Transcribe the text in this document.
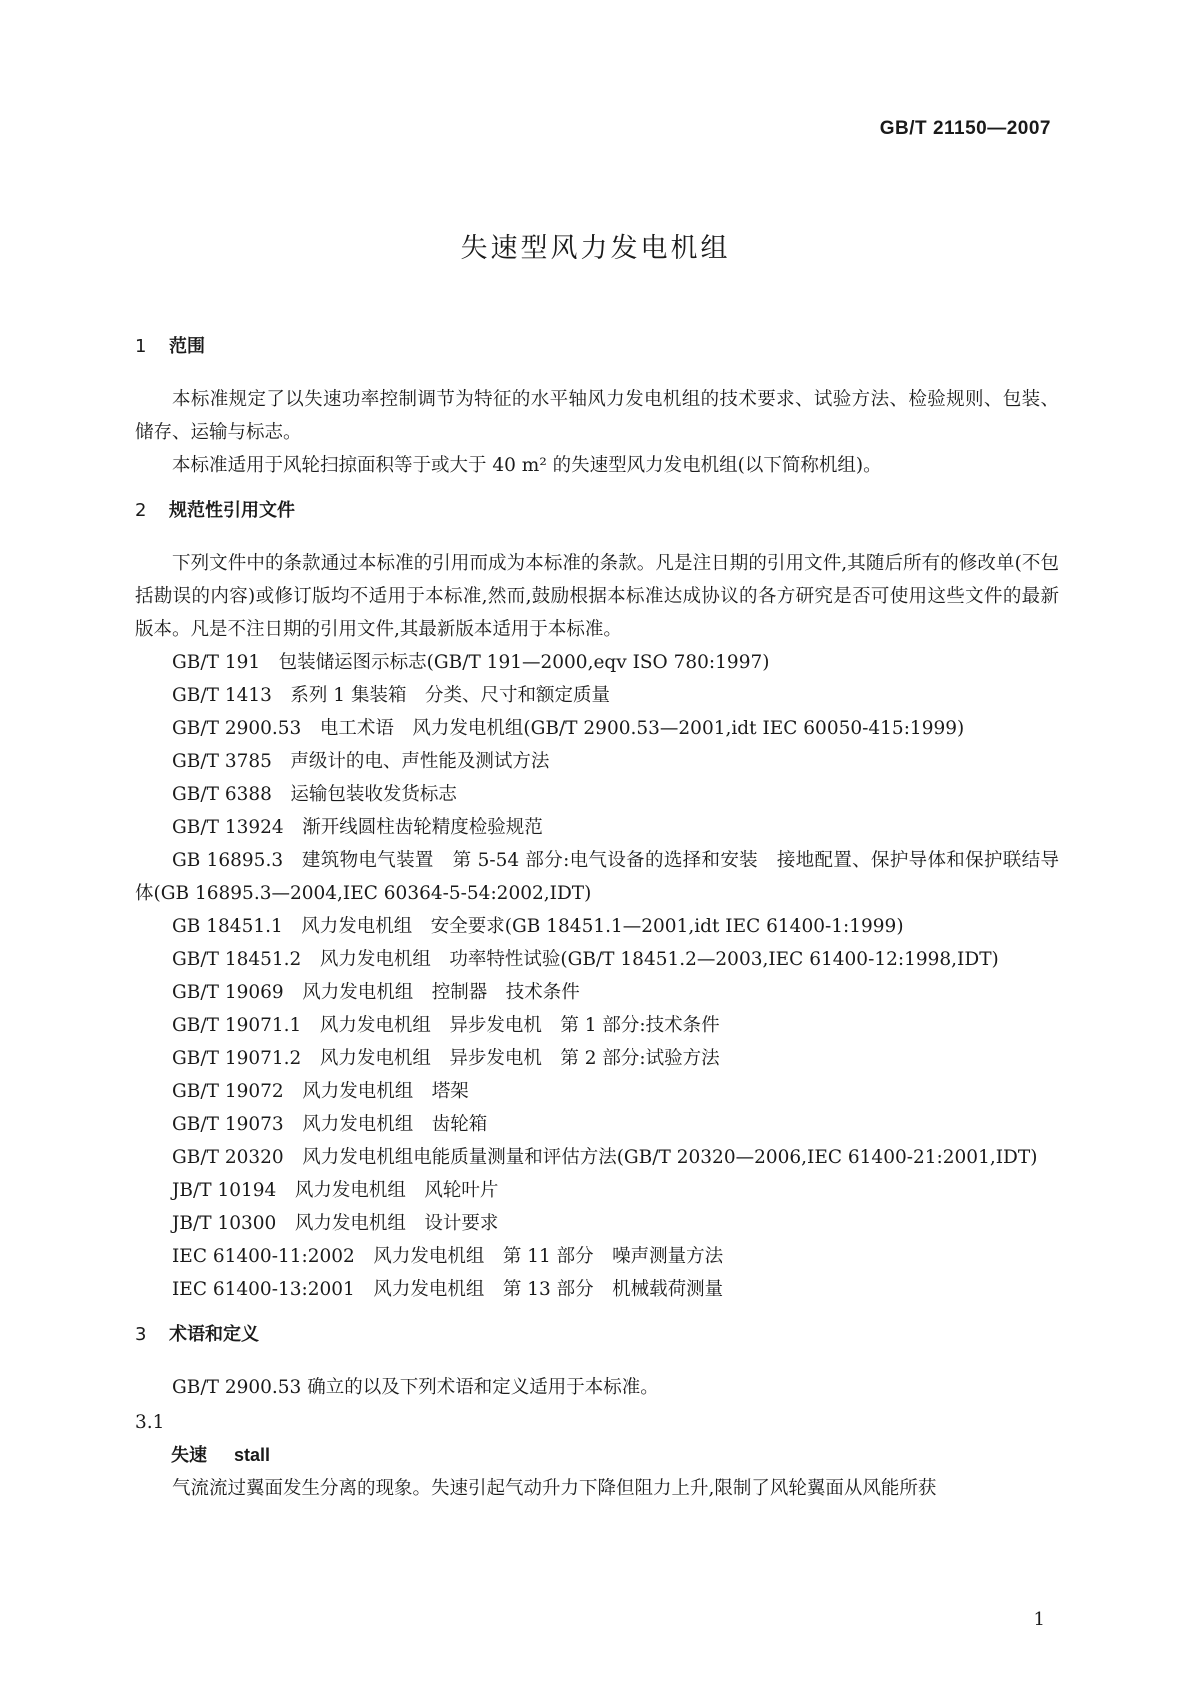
GB/T 21150—2007
失速型风力发电机组
1 范围

本标准规定了以失速功率控制调节为特征的水平轴风力发电机组的技术要求、试验方法、检验规则、包装、储存、运输与标志。

本标准适用于风轮扫掠面积等于或大于 40 m² 的失速型风力发电机组(以下简称机组)。

2 规范性引用文件

下列文件中的条款通过本标准的引用而成为本标准的条款。凡是注日期的引用文件,其随后所有的修改单(不包括勘误的内容)或修订版均不适用于本标准,然而,鼓励根据本标准达成协议的各方研究是否可使用这些文件的最新版本。凡是不注日期的引用文件,其最新版本适用于本标准。

GB/T 191 包装储运图示标志(GB/T 191—2000,eqv ISO 780:1997)

GB/T 1413 系列 1 集装箱 分类、尺寸和额定质量

GB/T 2900.53 电工术语 风力发电机组(GB/T 2900.53—2001,idt IEC 60050-415:1999)

GB/T 3785 声级计的电、声性能及测试方法

GB/T 6388 运输包装收发货标志

GB/T 13924 渐开线圆柱齿轮精度检验规范

GB 16895.3 建筑物电气装置 第 5-54 部分:电气设备的选择和安装 接地配置、保护导体和保护联结导体(GB 16895.3—2004,IEC 60364-5-54:2002,IDT)

GB 18451.1 风力发电机组 安全要求(GB 18451.1—2001,idt IEC 61400-1:1999)

GB/T 18451.2 风力发电机组 功率特性试验(GB/T 18451.2—2003,IEC 61400-12:1998,IDT)

GB/T 19069 风力发电机组 控制器 技术条件

GB/T 19071.1 风力发电机组 异步发电机 第 1 部分:技术条件

GB/T 19071.2 风力发电机组 异步发电机 第 2 部分:试验方法

GB/T 19072 风力发电机组 塔架

GB/T 19073 风力发电机组 齿轮箱

GB/T 20320 风力发电机组电能质量测量和评估方法(GB/T 20320—2006,IEC 61400-21:2001,IDT)

JB/T 10194 风力发电机组 风轮叶片

JB/T 10300 风力发电机组 设计要求

IEC 61400-11:2002 风力发电机组 第 11 部分 噪声测量方法

IEC 61400-13:2001 风力发电机组 第 13 部分 机械载荷测量

3 术语和定义

GB/T 2900.53 确立的以及下列术语和定义适用于本标准。

3.1
失速 stall

气流流过翼面发生分离的现象。失速引起气动升力下降但阻力上升,限制了风轮翼面从风能所获

1
